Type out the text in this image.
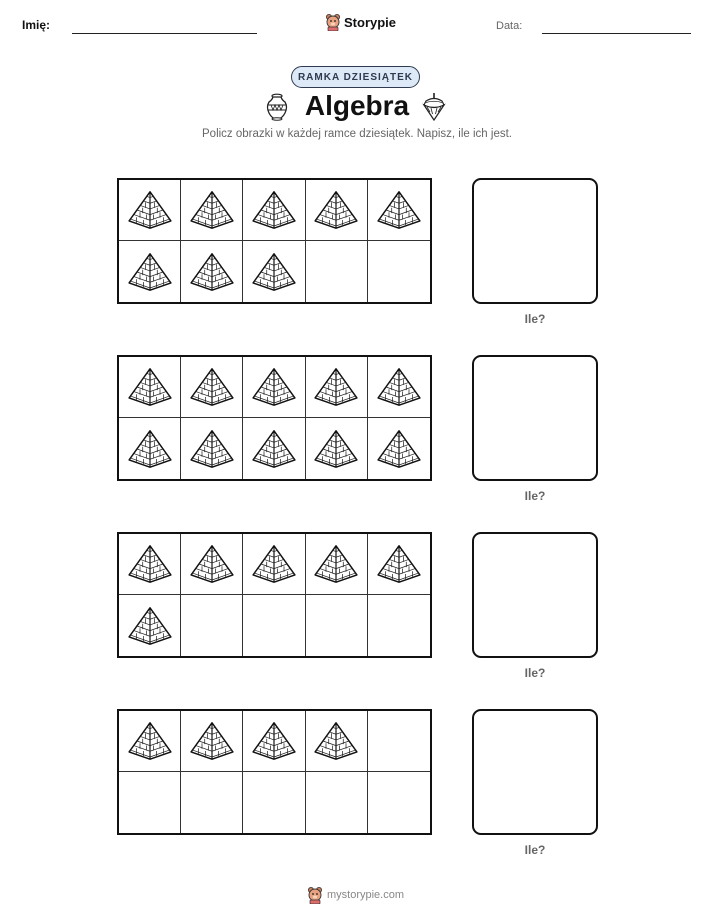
Imię:	Storypie	Data:
RAMKA DZIESIĄTEK
Algebra
Policz obrazki w każdej ramce dziesiątek. Napisz, ile ich jest.
Ile?
Ile?
Ile?
Ile?
mystorypie.com
